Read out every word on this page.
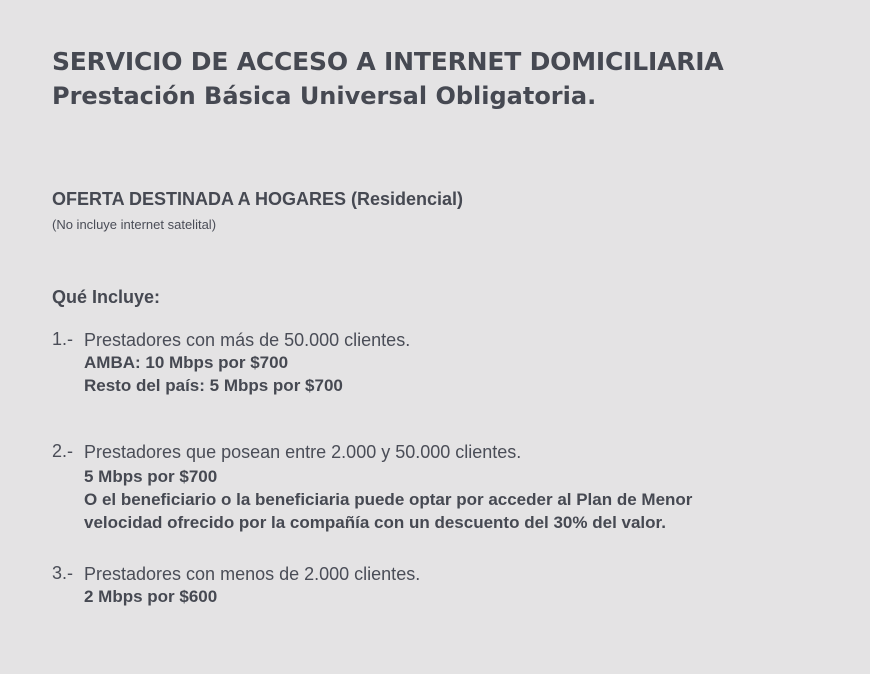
SERVICIO DE ACCESO A INTERNET DOMICILIARIA
Prestación Básica Universal Obligatoria.
OFERTA DESTINADA A HOGARES (Residencial)
(No incluye internet satelital)
Qué Incluye:
1.- Prestadores con más de 50.000 clientes.
AMBA: 10 Mbps por $700
Resto del país: 5 Mbps por $700
2.- Prestadores que posean entre 2.000 y 50.000 clientes.
5 Mbps por $700
O el beneficiario o la beneficiaria puede optar por acceder al Plan de Menor
velocidad ofrecido por la compañía con un descuento del 30% del valor.
3.- Prestadores con menos de 2.000 clientes.
2 Mbps por $600
